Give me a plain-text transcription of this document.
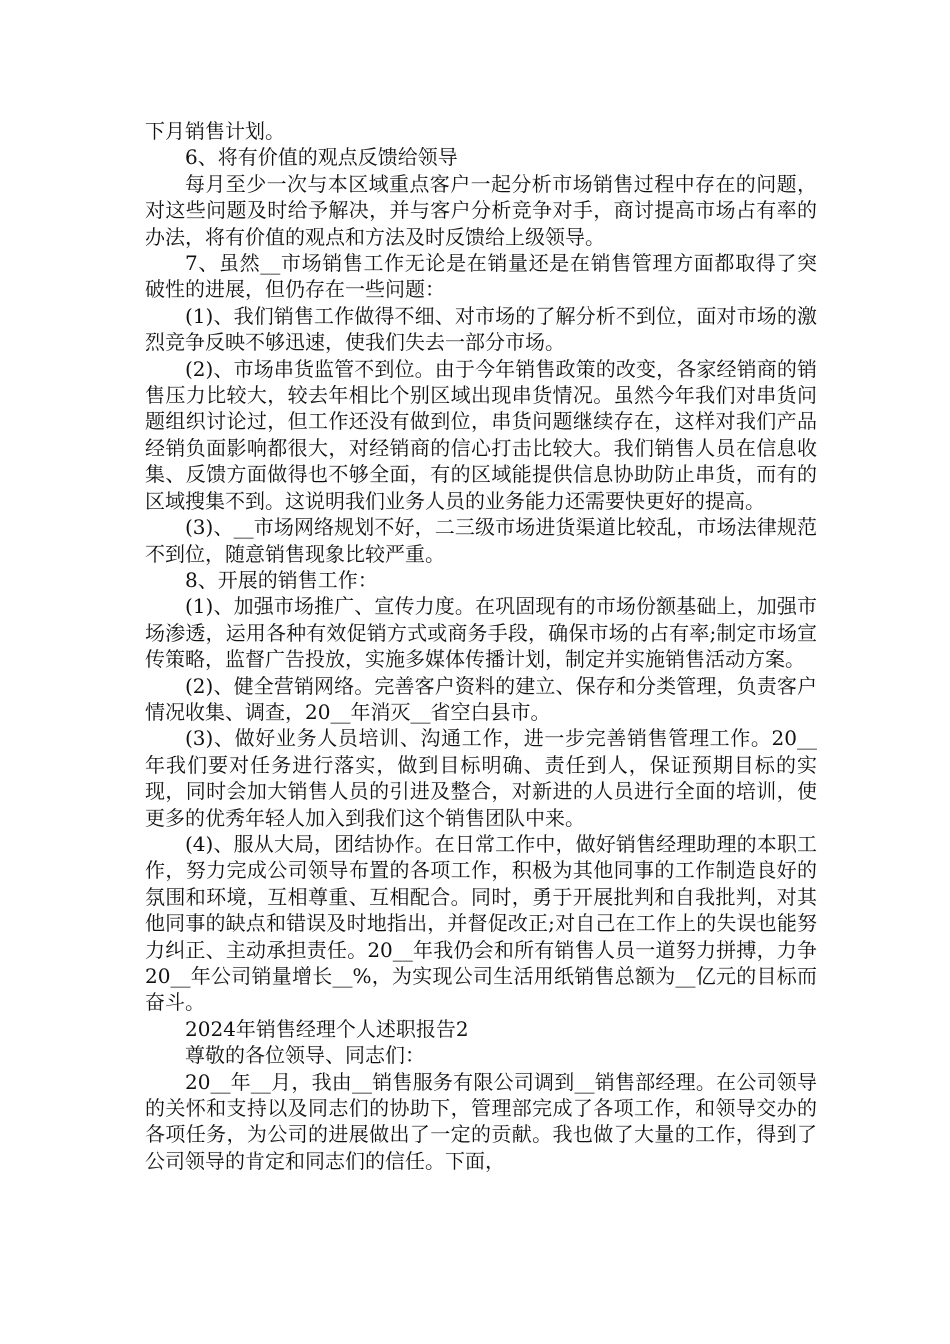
下月销售计划。

6、将有价值的观点反馈给领导

每月至少一次与本区域重点客户一起分析市场销售过程中存在的问题，对这些问题及时给予解决，并与客户分析竞争对手，商讨提高市场占有率的办法，将有价值的观点和方法及时反馈给上级领导。

7、虽然__市场销售工作无论是在销量还是在销售管理方面都取得了突破性的进展，但仍存在一些问题：

(1)、我们销售工作做得不细、对市场的了解分析不到位，面对市场的激烈竞争反映不够迅速，使我们失去一部分市场。

(2)、市场串货监管不到位。由于今年销售政策的改变，各家经销商的销售压力比较大，较去年相比个别区域出现串货情况。虽然今年我们对串货问题组织讨论过，但工作还没有做到位，串货问题继续存在，这样对我们产品经销负面影响都很大，对经销商的信心打击比较大。我们销售人员在信息收集、反馈方面做得也不够全面，有的区域能提供信息协助防止串货，而有的区域搜集不到。这说明我们业务人员的业务能力还需要快更好的提高。

(3)、__市场网络规划不好，二三级市场进货渠道比较乱，市场法律规范不到位，随意销售现象比较严重。

8、开展的销售工作：

(1)、加强市场推广、宣传力度。在巩固现有的市场份额基础上，加强市场渗透，运用各种有效促销方式或商务手段，确保市场的占有率;制定市场宣传策略，监督广告投放，实施多媒体传播计划，制定并实施销售活动方案。

(2)、健全营销网络。完善客户资料的建立、保存和分类管理，负责客户情况收集、调查，20__年消灭__省空白县市。

(3)、做好业务人员培训、沟通工作，进一步完善销售管理工作。20__年我们要对任务进行落实，做到目标明确、责任到人，保证预期目标的实现，同时会加大销售人员的引进及整合，对新进的人员进行全面的培训，使更多的优秀年轻人加入到我们这个销售团队中来。

(4)、服从大局，团结协作。在日常工作中，做好销售经理助理的本职工作，努力完成公司领导布置的各项工作，积极为其他同事的工作制造良好的氛围和环境，互相尊重、互相配合。同时，勇于开展批判和自我批判，对其他同事的缺点和错误及时地指出，并督促改正;对自己在工作上的失误也能努力纠正、主动承担责任。20__年我仍会和所有销售人员一道努力拼搏，力争20__年公司销量增长__%，为实现公司生活用纸销售总额为__亿元的目标而奋斗。

2024年销售经理个人述职报告2

尊敬的各位领导、同志们：

20__年__月，我由__销售服务有限公司调到__销售部经理。在公司领导的关怀和支持以及同志们的协助下，管理部完成了各项工作，和领导交办的各项任务，为公司的进展做出了一定的贡献。我也做了大量的工作，得到了公司领导的肯定和同志们的信任。下面，
